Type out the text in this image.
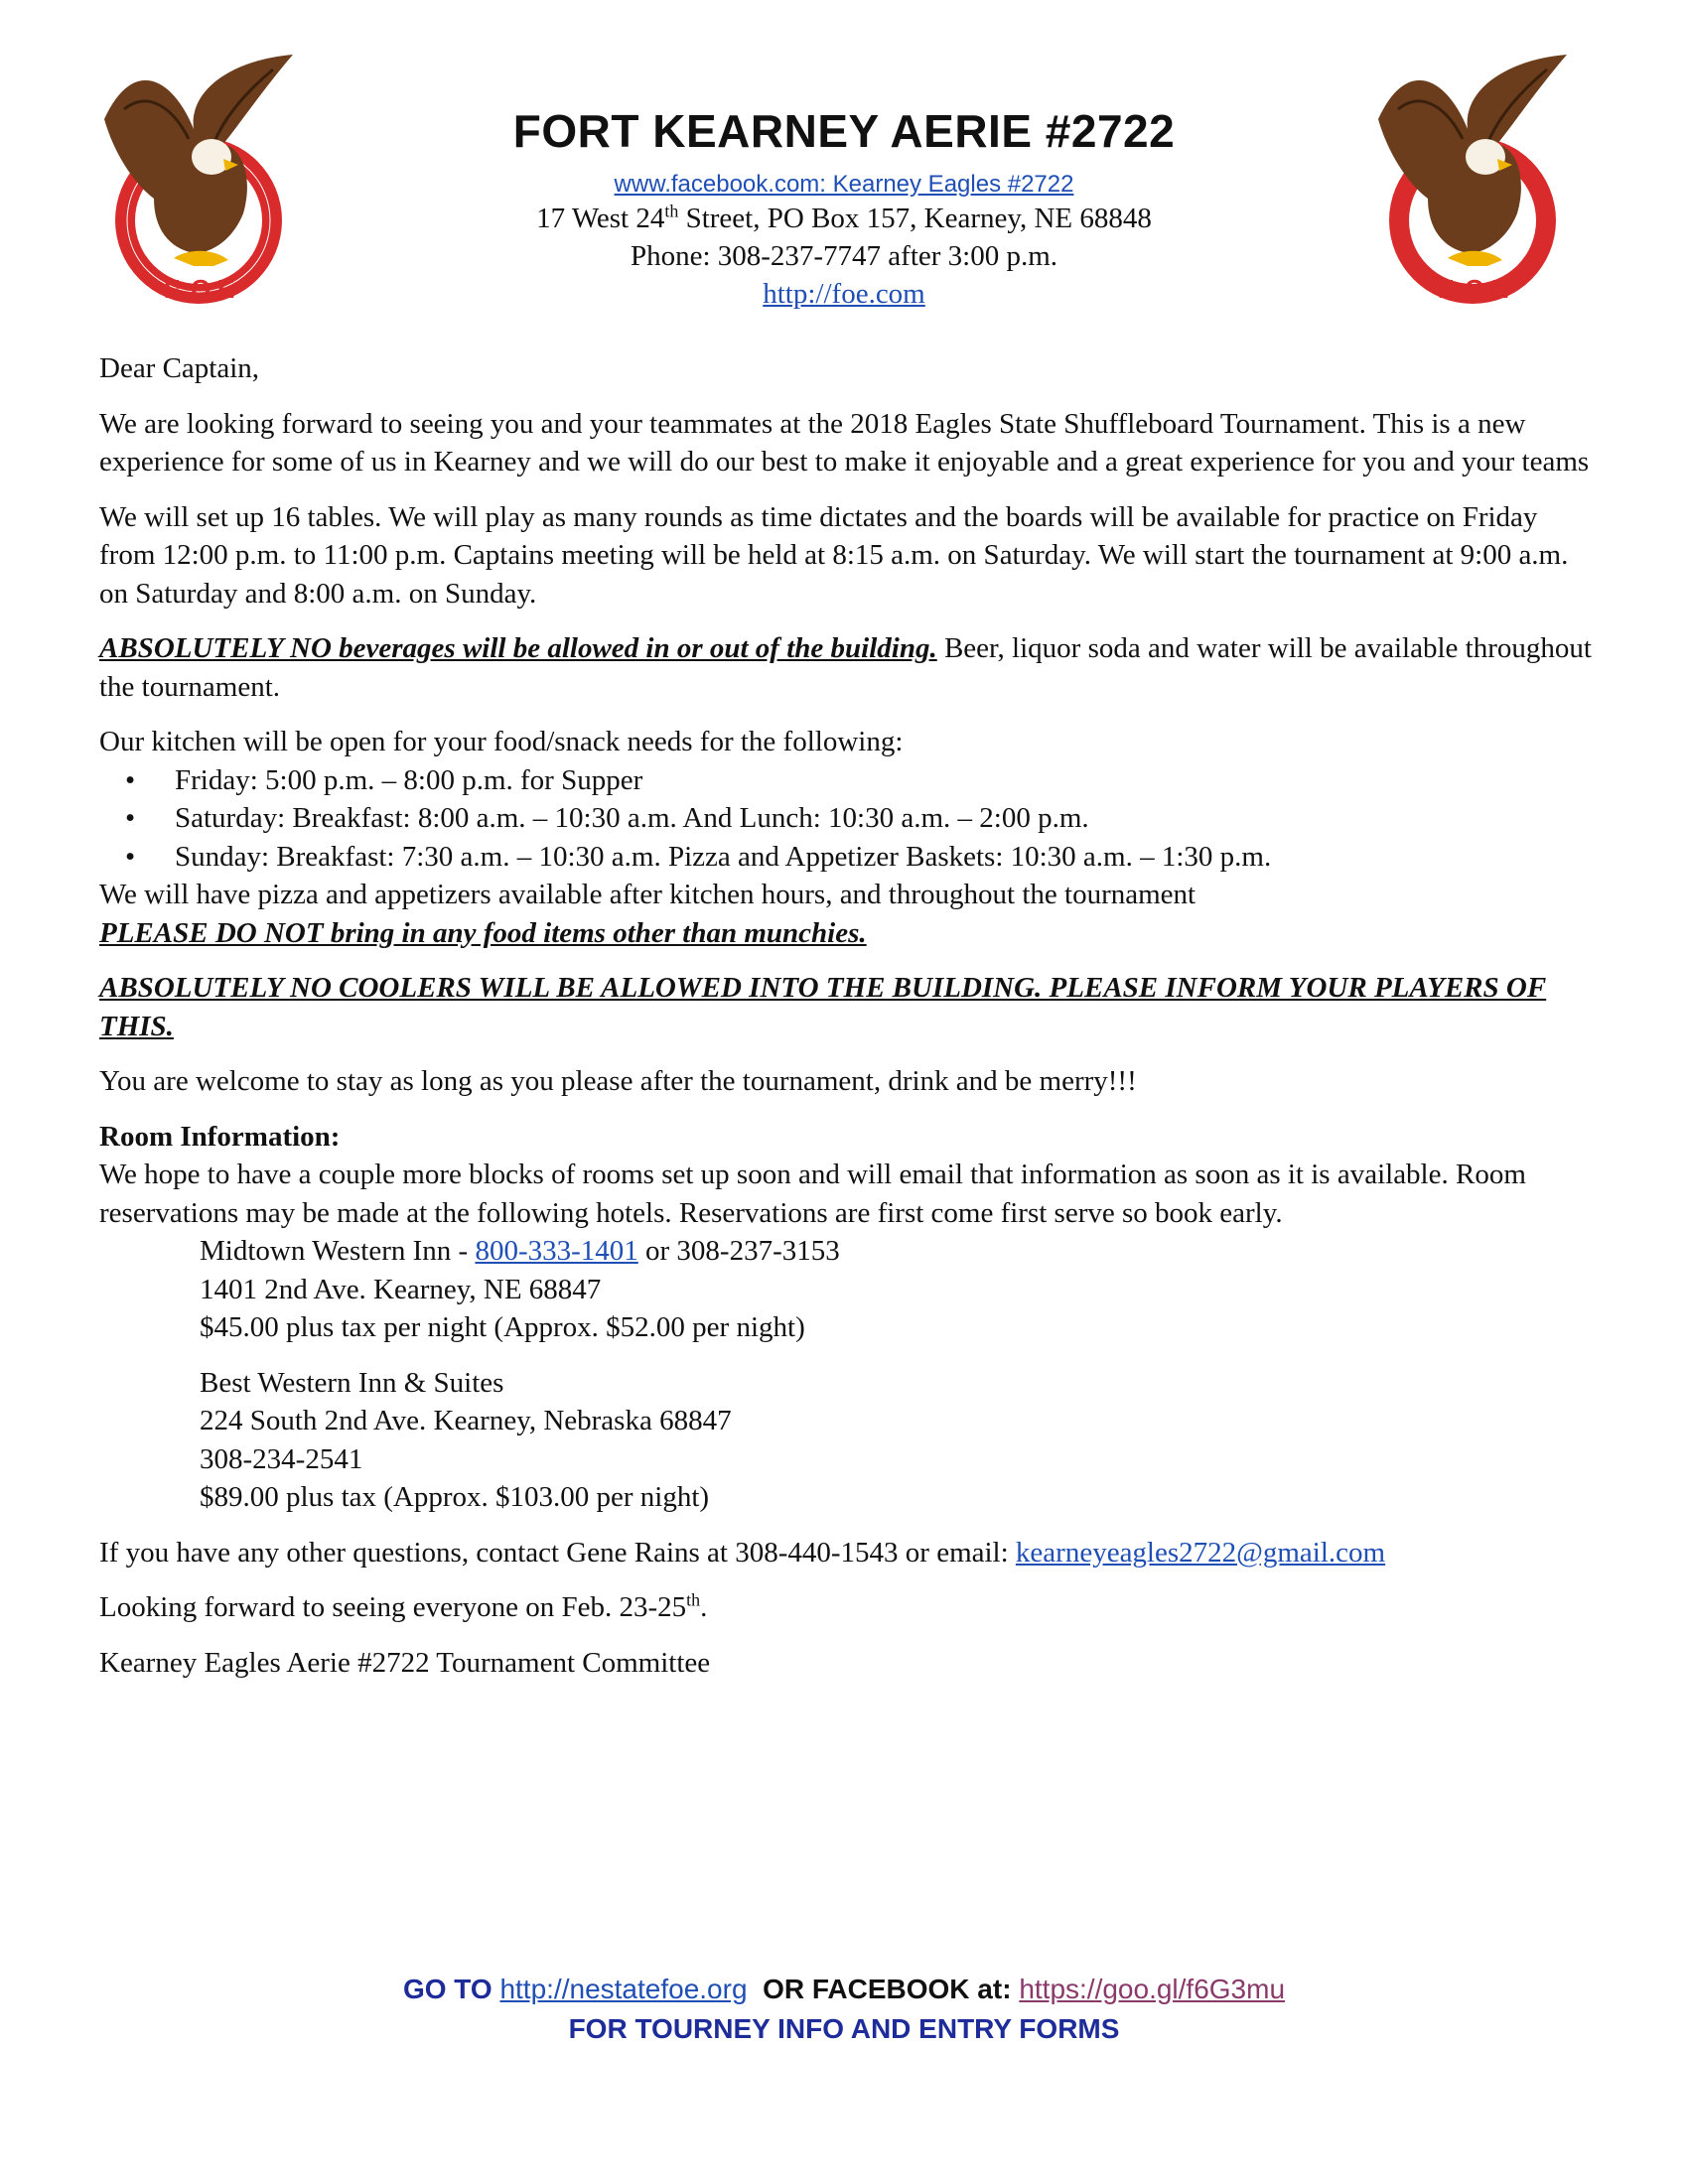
F O E	F O E
FORT KEARNEY AERIE #2722
www.facebook.com: Kearney Eagles #2722
17 West 24th Street, PO Box 157, Kearney, NE 68848
Phone: 308-237-7747 after 3:00 p.m.
http://foe.com

Dear Captain,

We are looking forward to seeing you and your teammates at the 2018 Eagles State Shuffleboard Tournament. This is a new experience for some of us in Kearney and we will do our best to make it enjoyable and a great experience for you and your teams

We will set up 16 tables. We will play as many rounds as time dictates and the boards will be available for practice on Friday from 12:00 p.m. to 11:00 p.m. Captains meeting will be held at 8:15 a.m. on Saturday. We will start the tournament at 9:00 a.m. on Saturday and 8:00 a.m. on Sunday.

ABSOLUTELY NO beverages will be allowed in or out of the building. Beer, liquor soda and water will be available throughout the tournament.

Our kitchen will be open for your food/snack needs for the following:

• Friday: 5:00 p.m. – 8:00 p.m. for Supper
• Saturday: Breakfast: 8:00 a.m. – 10:30 a.m. And Lunch: 10:30 a.m. – 2:00 p.m.
• Sunday: Breakfast: 7:30 a.m. – 10:30 a.m. Pizza and Appetizer Baskets: 10:30 a.m. – 1:30 p.m.
We will have pizza and appetizers available after kitchen hours, and throughout the tournament

PLEASE DO NOT bring in any food items other than munchies.

ABSOLUTELY NO COOLERS WILL BE ALLOWED INTO THE BUILDING. PLEASE INFORM YOUR PLAYERS OF THIS.

You are welcome to stay as long as you please after the tournament, drink and be merry!!!

Room Information:
We hope to have a couple more blocks of rooms set up soon and will email that information as soon as it is available. Room reservations may be made at the following hotels. Reservations are first come first serve so book early.
Midtown Western Inn - 800-333-1401 or 308-237-3153
1401 2nd Ave. Kearney, NE 68847
$45.00 plus tax per night (Approx. $52.00 per night)
Best Western Inn & Suites
224 South 2nd Ave. Kearney, Nebraska 68847
308-234-2541
$89.00 plus tax (Approx. $103.00 per night)

If you have any other questions, contact Gene Rains at 308-440-1543 or email: kearneyeagles2722@gmail.com

Looking forward to seeing everyone on Feb. 23-25th.

Kearney Eagles Aerie #2722 Tournament Committee

GO TO http://nestatefoe.org  OR FACEBOOK at: https://goo.gl/f6G3mu
FOR TOURNEY INFO AND ENTRY FORMS
